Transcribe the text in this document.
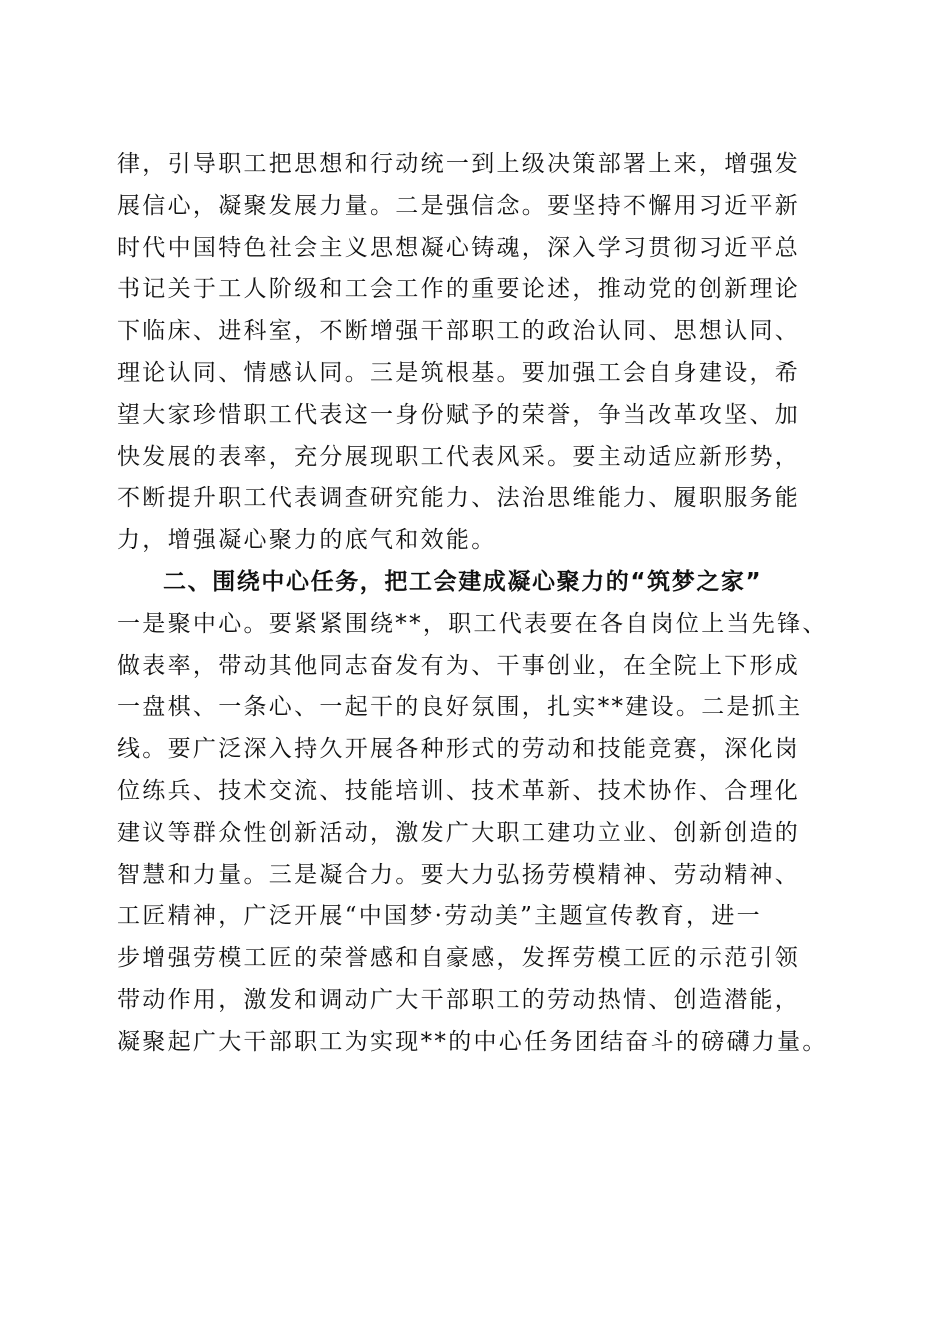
律，引导职工把思想和行动统一到上级决策部署上来，增强发
展信心，凝聚发展力量。二是强信念。要坚持不懈用习近平新
时代中国特色社会主义思想凝心铸魂，深入学习贯彻习近平总
书记关于工人阶级和工会工作的重要论述，推动党的创新理论
下临床、进科室，不断增强干部职工的政治认同、思想认同、
理论认同、情感认同。三是筑根基。要加强工会自身建设，希
望大家珍惜职工代表这一身份赋予的荣誉，争当改革攻坚、加
快发展的表率，充分展现职工代表风采。要主动适应新形势，
不断提升职工代表调查研究能力、法治思维能力、履职服务能
力，增强凝心聚力的底气和效能。
二、围绕中心任务，把工会建成凝心聚力的“筑梦之家”
一是聚中心。要紧紧围绕**，职工代表要在各自岗位上当先锋、
做表率，带动其他同志奋发有为、干事创业，在全院上下形成
一盘棋、一条心、一起干的良好氛围，扎实**建设。二是抓主
线。要广泛深入持久开展各种形式的劳动和技能竞赛，深化岗
位练兵、技术交流、技能培训、技术革新、技术协作、合理化
建议等群众性创新活动，激发广大职工建功立业、创新创造的
智慧和力量。三是凝合力。要大力弘扬劳模精神、劳动精神、
工匠精神，广泛开展“中国梦·劳动美”主题宣传教育，进一
步增强劳模工匠的荣誉感和自豪感，发挥劳模工匠的示范引领
带动作用，激发和调动广大干部职工的劳动热情、创造潜能，
凝聚起广大干部职工为实现**的中心任务团结奋斗的磅礴力量。
